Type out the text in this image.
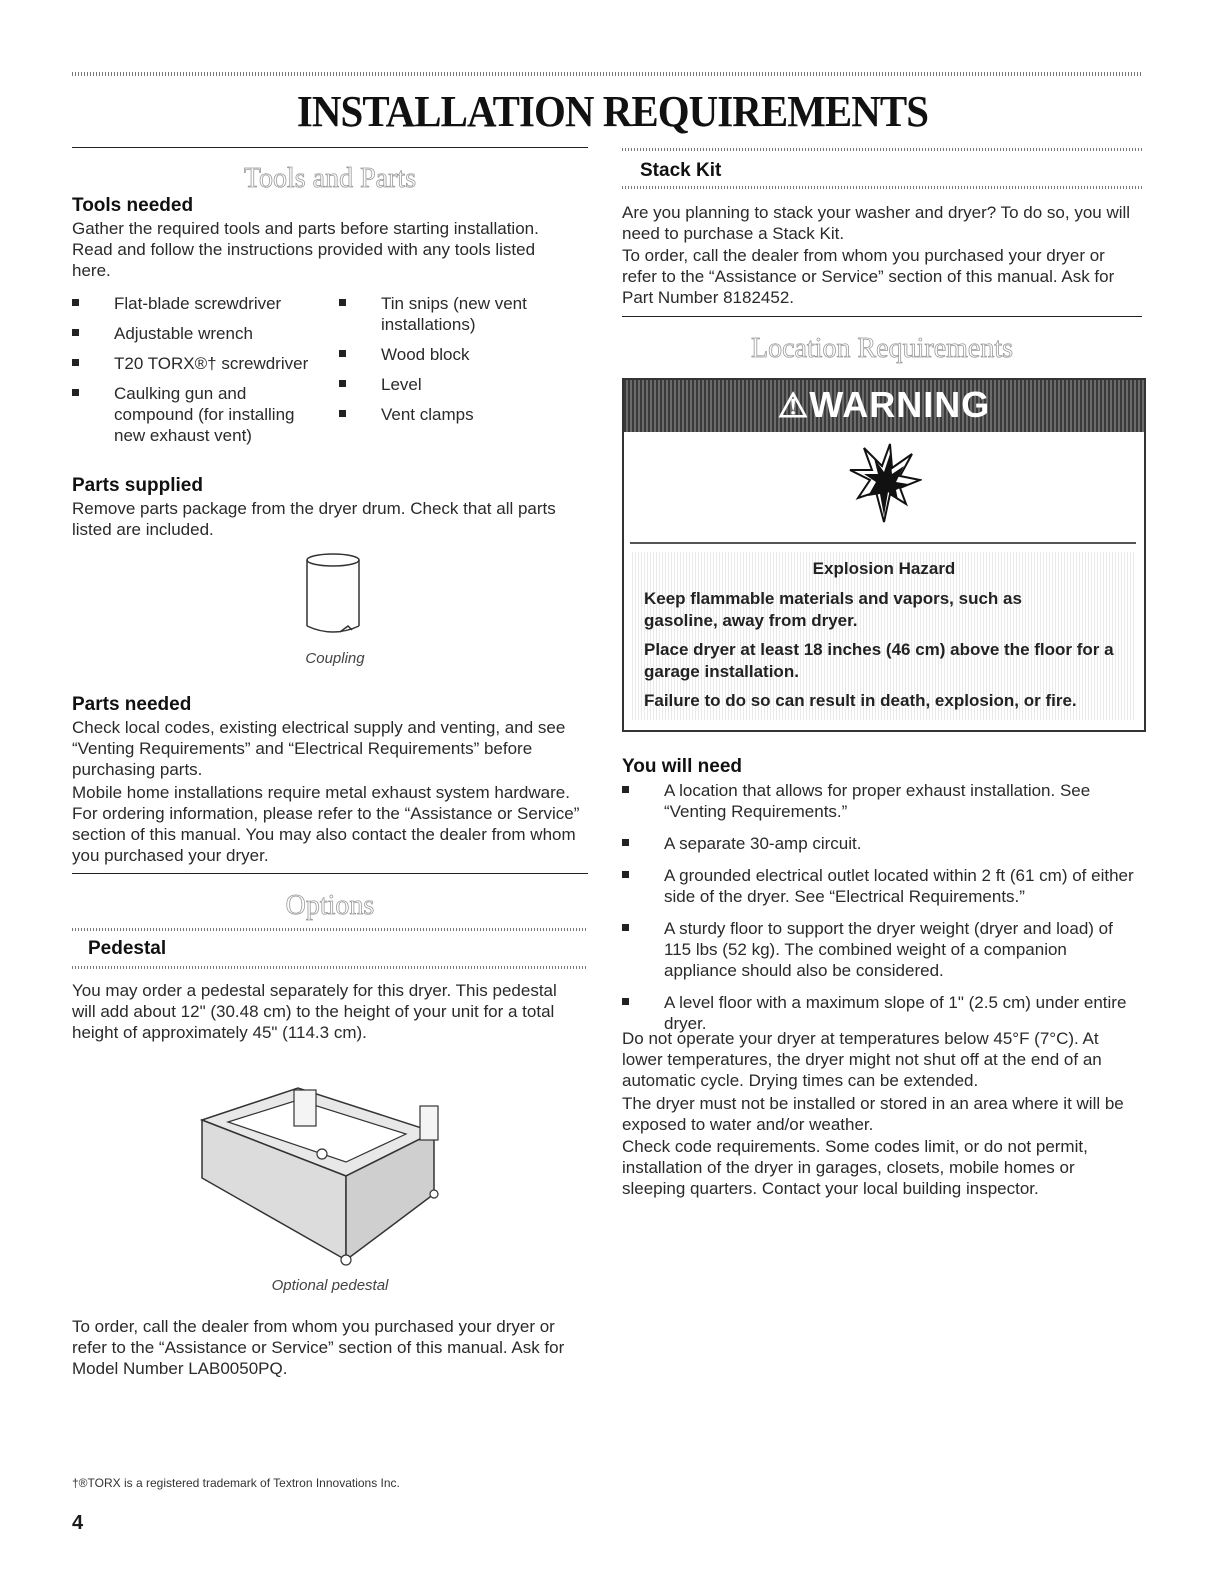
INSTALLATION REQUIREMENTS
Tools and Parts
Tools needed

Gather the required tools and parts before starting installation. Read and follow the instructions provided with any tools listed here.

Flat-blade screwdriver
Adjustable wrench
T20 TORX®† screwdriver
Caulking gun and compound (for installing new exhaust vent)
Tin snips (new vent installations)
Wood block
Level
Vent clamps
Parts supplied

Remove parts package from the dryer drum. Check that all parts listed are included.

Coupling
Parts needed

Check local codes, existing electrical supply and venting, and see “Venting Requirements” and “Electrical Requirements” before purchasing parts.

Mobile home installations require metal exhaust system hardware. For ordering information, please refer to the “Assistance or Service” section of this manual. You may also contact the dealer from whom you purchased your dryer.

Options
Pedestal

You may order a pedestal separately for this dryer. This pedestal will add about 12" (30.48 cm) to the height of your unit for a total height of approximately 45" (114.3 cm).

Optional pedestal

To order, call the dealer from whom you purchased your dryer or refer to the “Assistance or Service” section of this manual. Ask for Model Number LAB0050PQ.

Stack Kit

Are you planning to stack your washer and dryer? To do so, you will need to purchase a Stack Kit.

To order, call the dealer from whom you purchased your dryer or refer to the “Assistance or Service” section of this manual. Ask for Part Number 8182452.

Location Requirements
⚠WARNING
Explosion Hazard
Keep flammable materials and vapors, such as gasoline, away from dryer.
Place dryer at least 18 inches (46 cm) above the floor for a garage installation.
Failure to do so can result in death, explosion, or fire.
You will need
A location that allows for proper exhaust installation. See “Venting Requirements.”
A separate 30-amp circuit.
A grounded electrical outlet located within 2 ft (61 cm) of either side of the dryer. See “Electrical Requirements.”
A sturdy floor to support the dryer weight (dryer and load) of 115 lbs (52 kg). The combined weight of a companion appliance should also be considered.
A level floor with a maximum slope of 1" (2.5 cm) under entire dryer.

Do not operate your dryer at temperatures below 45°F (7°C). At lower temperatures, the dryer might not shut off at the end of an automatic cycle. Drying times can be extended.

The dryer must not be installed or stored in an area where it will be exposed to water and/or weather.

Check code requirements. Some codes limit, or do not permit, installation of the dryer in garages, closets, mobile homes or sleeping quarters. Contact your local building inspector.

†®TORX is a registered trademark of Textron Innovations Inc.
4
